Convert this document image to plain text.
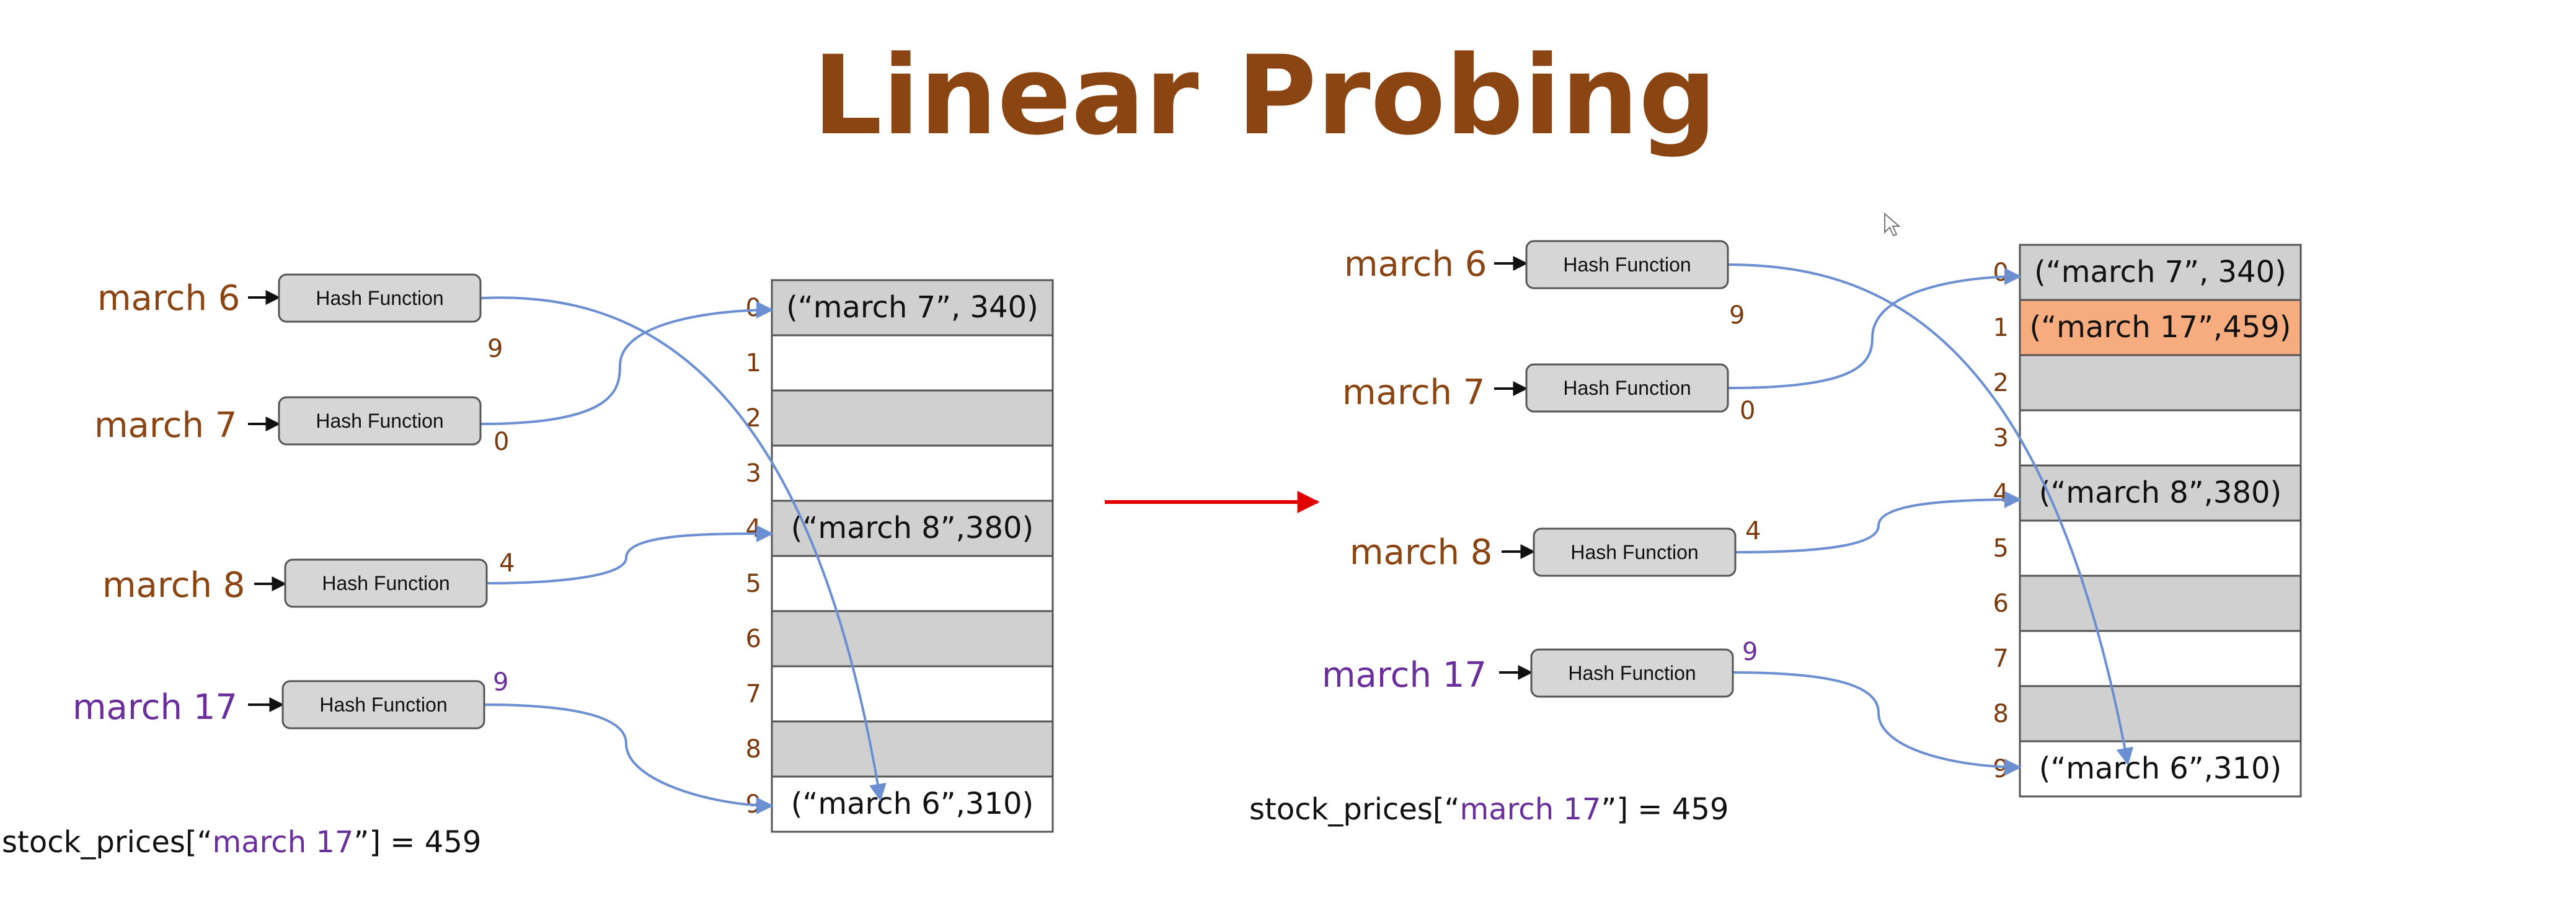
Linear Probing
0 (“march 7”, 340)
1
2
3
4 (“march 8”,380)
5
6
7
8
9 (“march 6”,310)
march 6	Hash Function
9
march 7	Hash Function
0
march 8	Hash Function
4
march 17	Hash Function
9
stock_prices[“march 17”] = 459
0 (“march 7”, 340)
1 (“march 17”,459)
2
3
4 (“march 8”,380)
5
6
7
8
9 (“march 6”,310)
march 6	Hash Function
9
march 7	Hash Function
0
march 8	Hash Function
4
march 17	Hash Function
9
stock_prices[“march 17”] = 459
